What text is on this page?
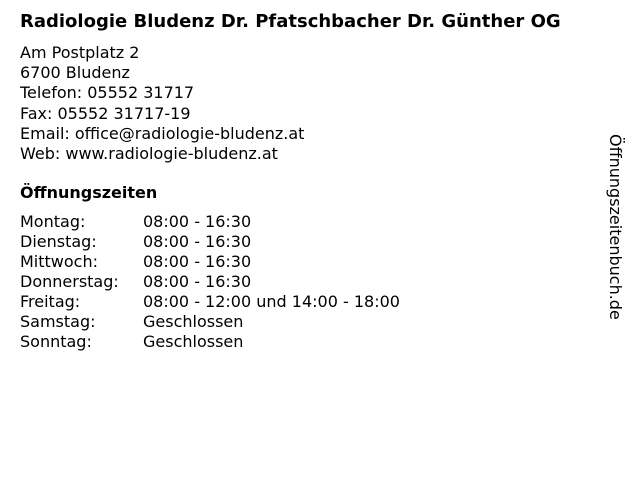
Radiologie Bludenz Dr. Pfatschbacher Dr. Günther OG
Am Postplatz 2
6700 Bludenz
Telefon: 05552 31717
Fax: 05552 31717-19
Email: office@radiologie-bludenz.at
Web: www.radiologie-bludenz.at
Öffnungszeiten
Montag:	08:00 - 16:30
Dienstag:	08:00 - 16:30
Mittwoch:	08:00 - 16:30
Donnerstag:	08:00 - 16:30
Freitag:	08:00 - 12:00 und 14:00 - 18:00
Samstag:	Geschlossen
Sonntag:	Geschlossen
Öffnungszeitenbuch.de
